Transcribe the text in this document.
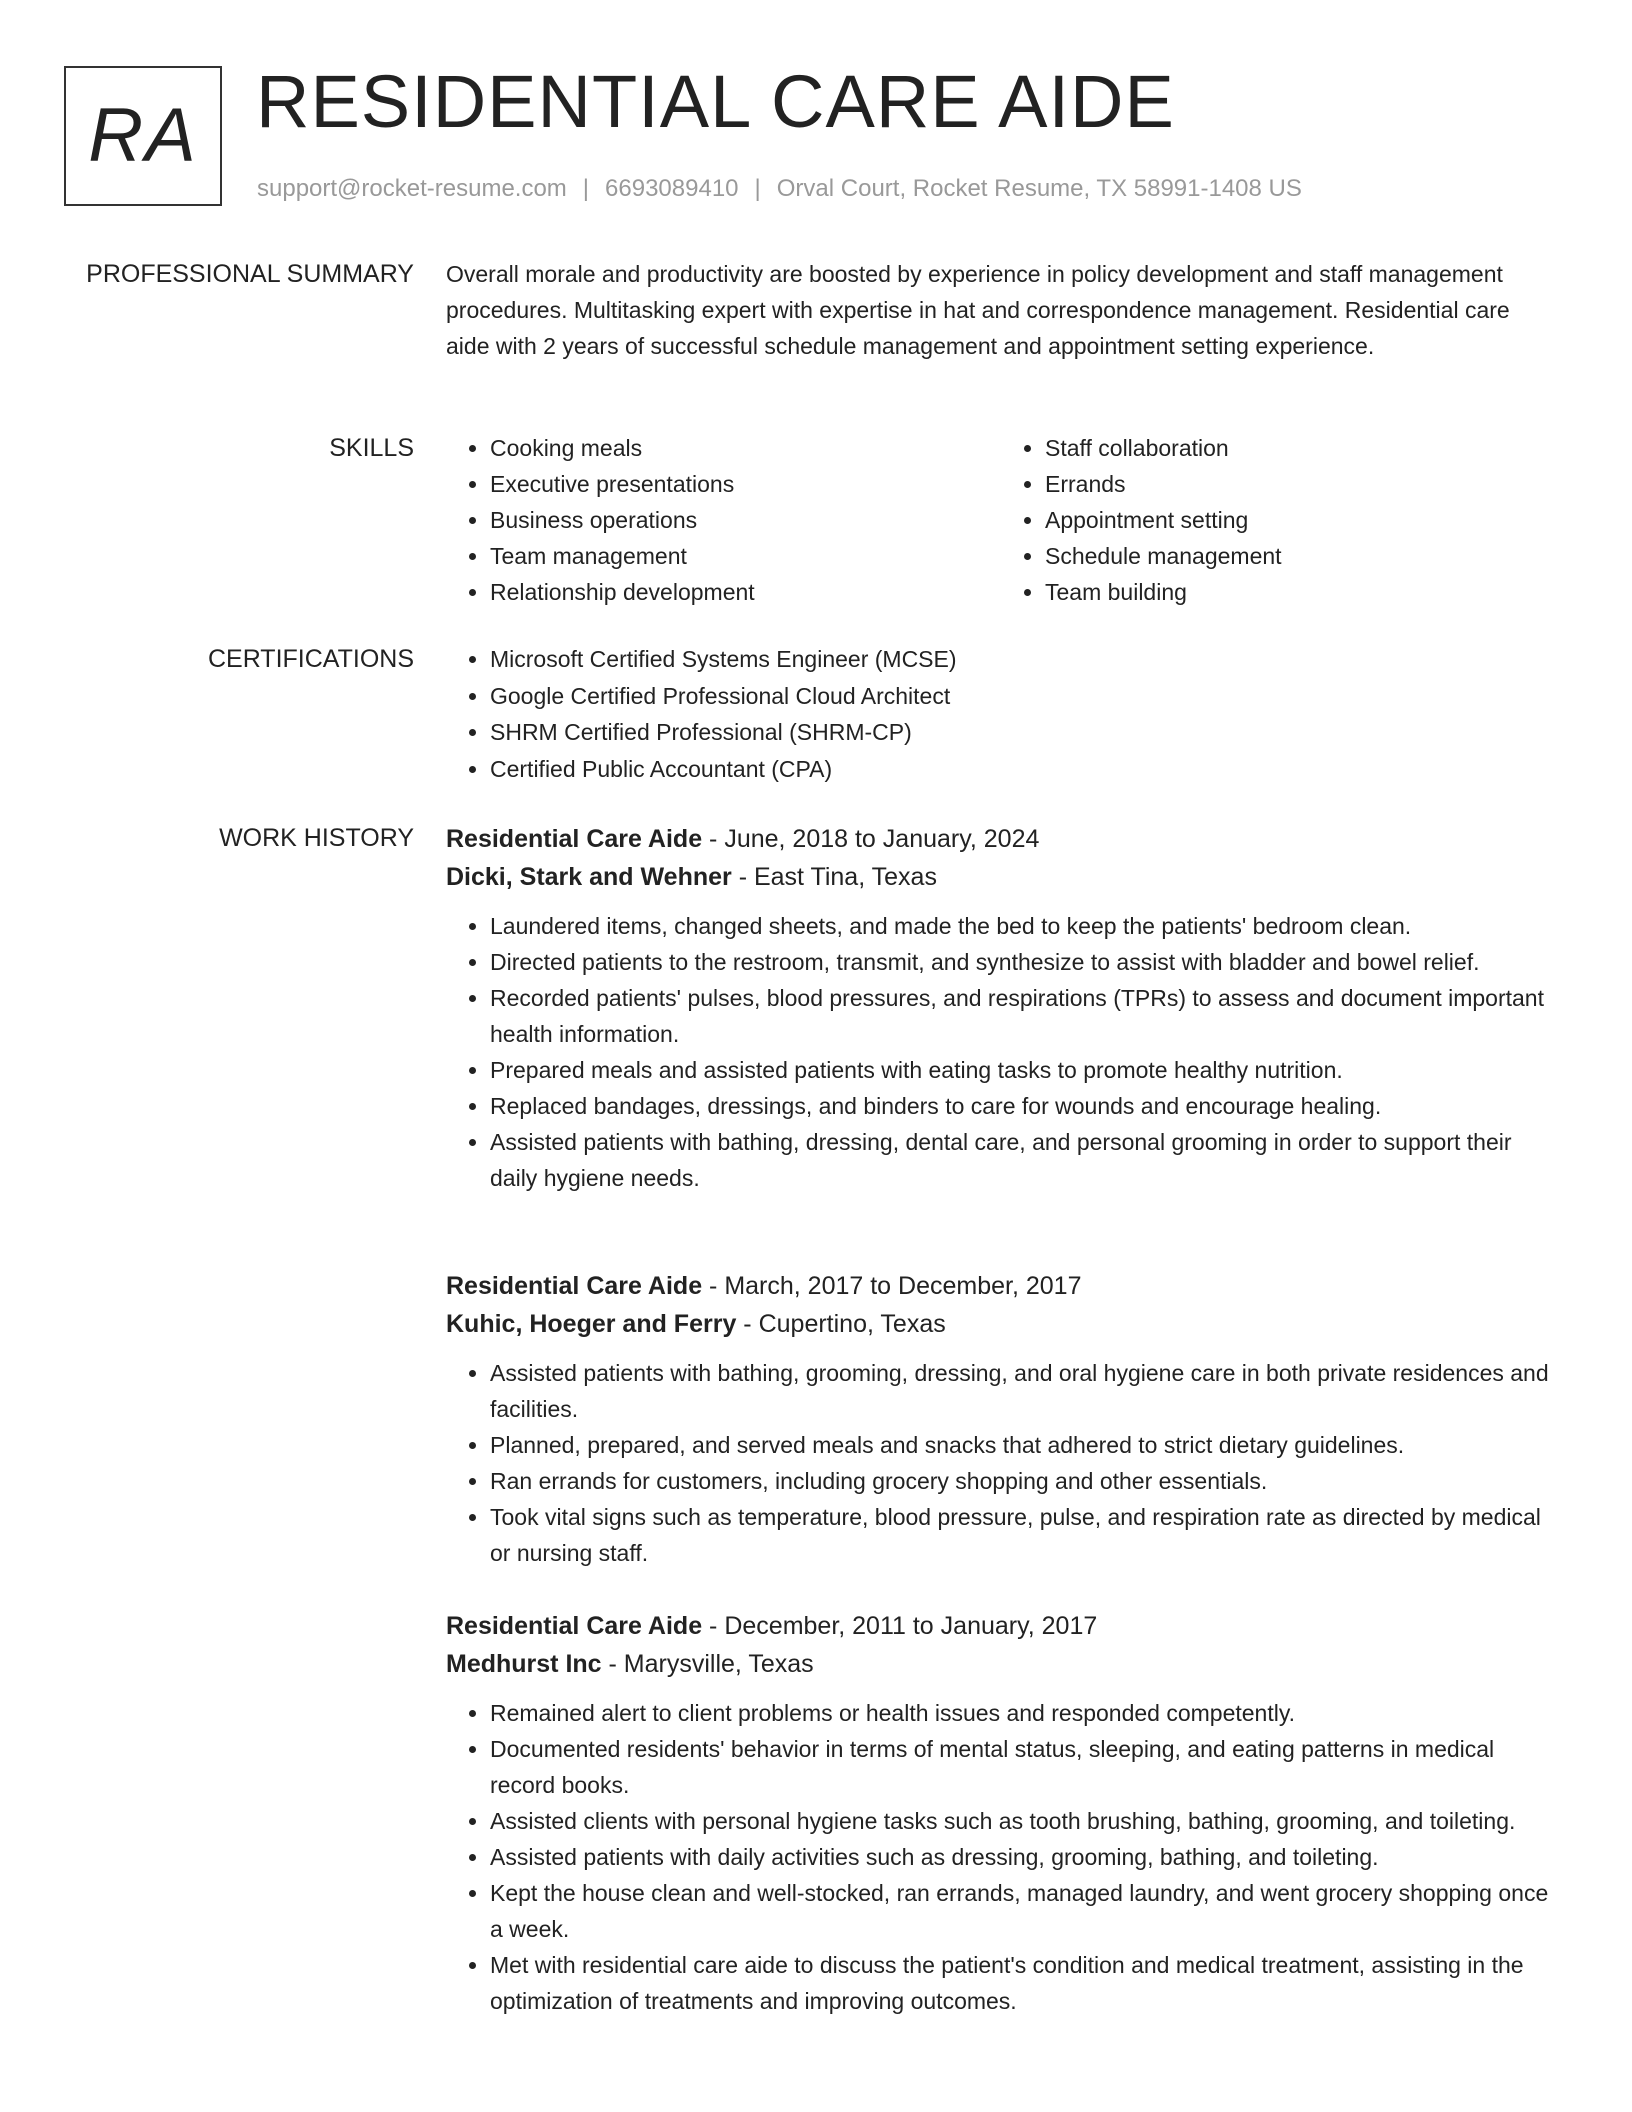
RA RESIDENTIAL CARE AIDE
support@rocket-resume.com | 6693089410 | Orval Court, Rocket Resume, TX 58991-1408 US
PROFESSIONAL SUMMARY Overall morale and productivity are boosted by experience in policy development and staff management procedures. Multitasking expert with expertise in hat and correspondence management. Residential care aide with 2 years of successful schedule management and appointment setting experience.

SKILLS	• Cooking meals
• Executive presentations
• Business operations
• Team management
• Relationship development
• Staff collaboration
• Errands
• Appointment setting
• Schedule management
• Team building
CERTIFICATIONS	• Microsoft Certified Systems Engineer (MCSE)
• Google Certified Professional Cloud Architect
• SHRM Certified Professional (SHRM-CP)
• Certified Public Accountant (CPA)
WORK HISTORY Residential Care Aide - June, 2018 to January, 2024
Dicki, Stark and Wehner - East Tina, Texas
• Laundered items, changed sheets, and made the bed to keep the patients' bedroom clean.
• Directed patients to the restroom, transmit, and synthesize to assist with bladder and bowel relief.
• Recorded patients' pulses, blood pressures, and respirations (TPRs) to assess and document important health information.
• Prepared meals and assisted patients with eating tasks to promote healthy nutrition.
• Replaced bandages, dressings, and binders to care for wounds and encourage healing.
• Assisted patients with bathing, dressing, dental care, and personal grooming in order to support their daily hygiene needs.
Residential Care Aide - March, 2017 to December, 2017
Kuhic, Hoeger and Ferry - Cupertino, Texas
• Assisted patients with bathing, grooming, dressing, and oral hygiene care in both private residences and facilities.
• Planned, prepared, and served meals and snacks that adhered to strict dietary guidelines.
• Ran errands for customers, including grocery shopping and other essentials.
• Took vital signs such as temperature, blood pressure, pulse, and respiration rate as directed by medical or nursing staff.
Residential Care Aide - December, 2011 to January, 2017
Medhurst Inc - Marysville, Texas
• Remained alert to client problems or health issues and responded competently.
• Documented residents' behavior in terms of mental status, sleeping, and eating patterns in medical record books.
• Assisted clients with personal hygiene tasks such as tooth brushing, bathing, grooming, and toileting.
• Assisted patients with daily activities such as dressing, grooming, bathing, and toileting.
• Kept the house clean and well-stocked, ran errands, managed laundry, and went grocery shopping once a week.
• Met with residential care aide to discuss the patient's condition and medical treatment, assisting in the optimization of treatments and improving outcomes.
